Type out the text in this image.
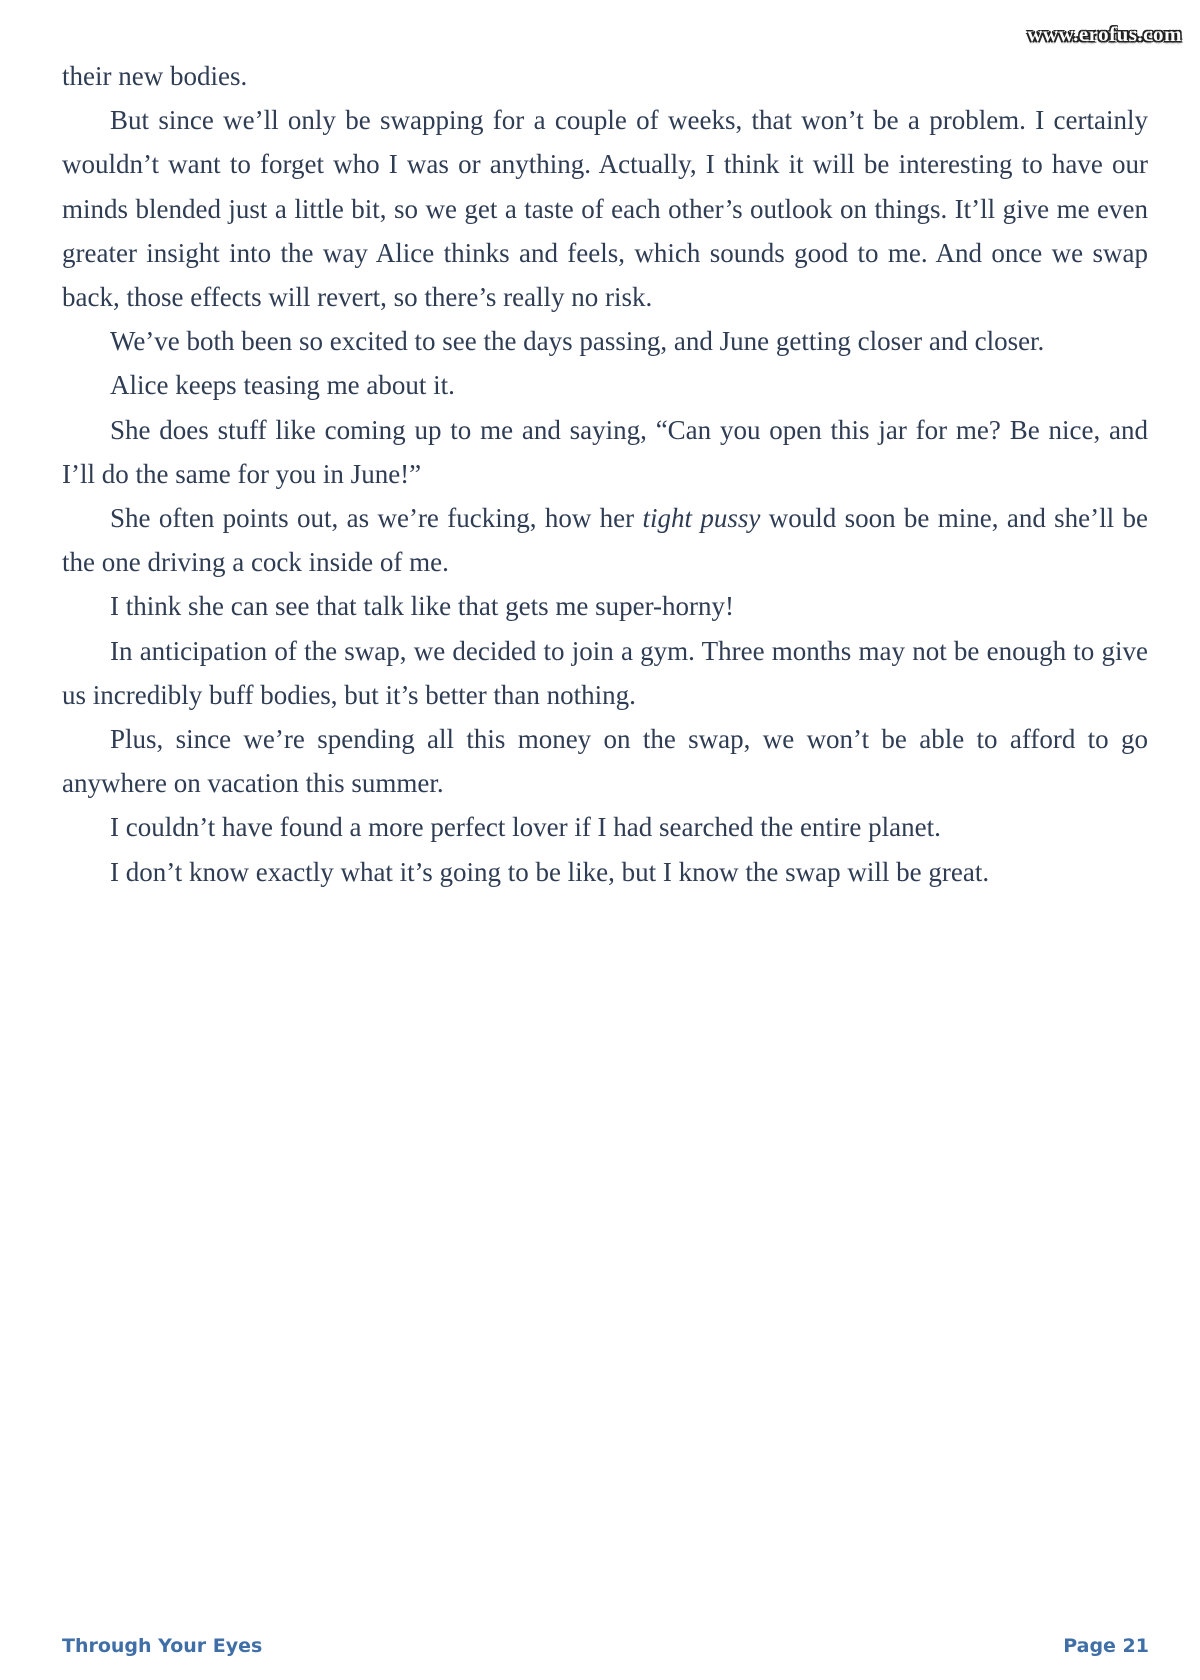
www.erofus.com

their new bodies.

But since we’ll only be swapping for a couple of weeks, that won’t be a problem. I certainly wouldn’t want to forget who I was or anything. Actually, I think it will be interesting to have our minds blended just a little bit, so we get a taste of each other’s outlook on things. It’ll give me even greater insight into the way Alice thinks and feels, which sounds good to me. And once we swap back, those effects will revert, so there’s really no risk.

We’ve both been so excited to see the days passing, and June getting closer and closer.

Alice keeps teasing me about it.

She does stuff like coming up to me and saying, “Can you open this jar for me? Be nice, and I’ll do the same for you in June!”

She often points out, as we’re fucking, how her tight pussy would soon be mine, and she’ll be the one driving a cock inside of me.

I think she can see that talk like that gets me super-horny!

In anticipation of the swap, we decided to join a gym. Three months may not be enough to give us incredibly buff bodies, but it’s better than nothing.

Plus, since we’re spending all this money on the swap, we won’t be able to afford to go anywhere on vacation this summer.

I couldn’t have found a more perfect lover if I had searched the entire planet.

I don’t know exactly what it’s going to be like, but I know the swap will be great.

Through Your Eyes	Page 21
